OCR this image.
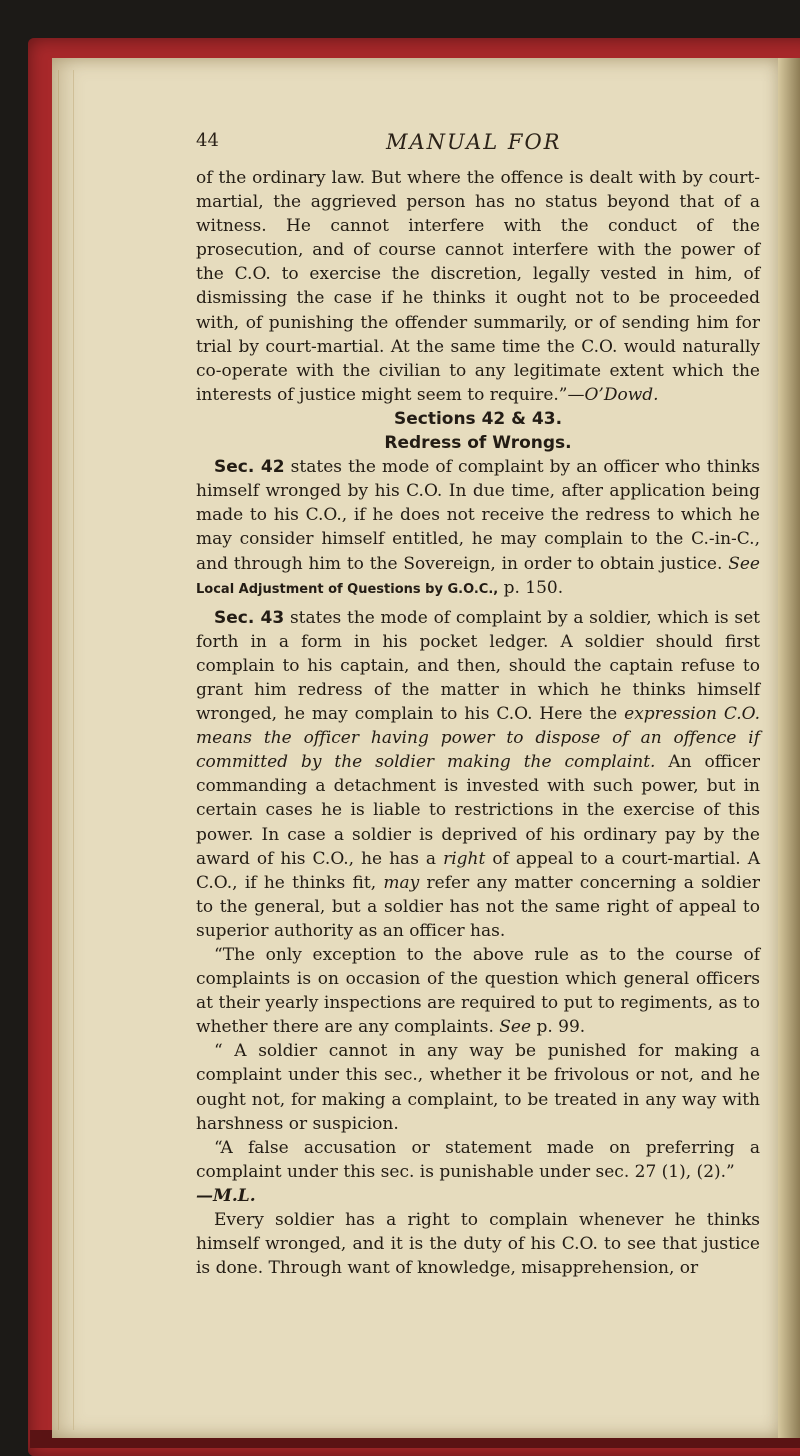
44	MANUAL FOR

of the ordinary law. But where the offence is dealt with by court-martial, the aggrieved person has no status beyond that of a witness. He cannot interfere with the conduct of the prosecution, and of course cannot interfere with the power of the C.O. to exercise the discretion, legally vested in him, of dismissing the case if he thinks it ought not to be proceeded with, of punishing the offender summarily, or of sending him for trial by court-martial. At the same time the C.O. would naturally co-operate with the civilian to any legitimate extent which the interests of justice might seem to require.”—O’Dowd.

Sections 42 & 43.

Redress of Wrongs.

Sec. 42 states the mode of complaint by an officer who thinks himself wronged by his C.O. In due time, after application being made to his C.O., if he does not receive the redress to which he may consider himself entitled, he may complain to the C.-in-C., and through him to the Sovereign, in order to obtain justice. See Local Adjustment of Questions by G.O.C., p. 150.

Sec. 43 states the mode of complaint by a soldier, which is set forth in a form in his pocket ledger. A soldier should first complain to his captain, and then, should the captain refuse to grant him redress of the matter in which he thinks himself wronged, he may complain to his C.O. Here the expression C.O. means the officer having power to dispose of an offence if committed by the soldier making the complaint. An officer commanding a detachment is invested with such power, but in certain cases he is liable to restrictions in the exercise of this power. In case a soldier is deprived of his ordinary pay by the award of his C.O., he has a right of appeal to a court-martial. A C.O., if he thinks fit, may refer any matter concerning a soldier to the general, but a soldier has not the same right of appeal to superior authority as an officer has.

“The only exception to the above rule as to the course of complaints is on occasion of the question which general officers at their yearly inspections are required to put to regiments, as to whether there are any complaints. See p. 99.

“ A soldier cannot in any way be punished for making a complaint under this sec., whether it be frivolous or not, and he ought not, for making a complaint, to be treated in any way with harshness or suspicion.

“A false accusation or statement made on preferring a complaint under this sec. is punishable under sec. 27 (1), (2).”
—M.L.

Every soldier has a right to complain whenever he thinks himself wronged, and it is the duty of his C.O. to see that justice is done. Through want of knowledge, misapprehension, or
